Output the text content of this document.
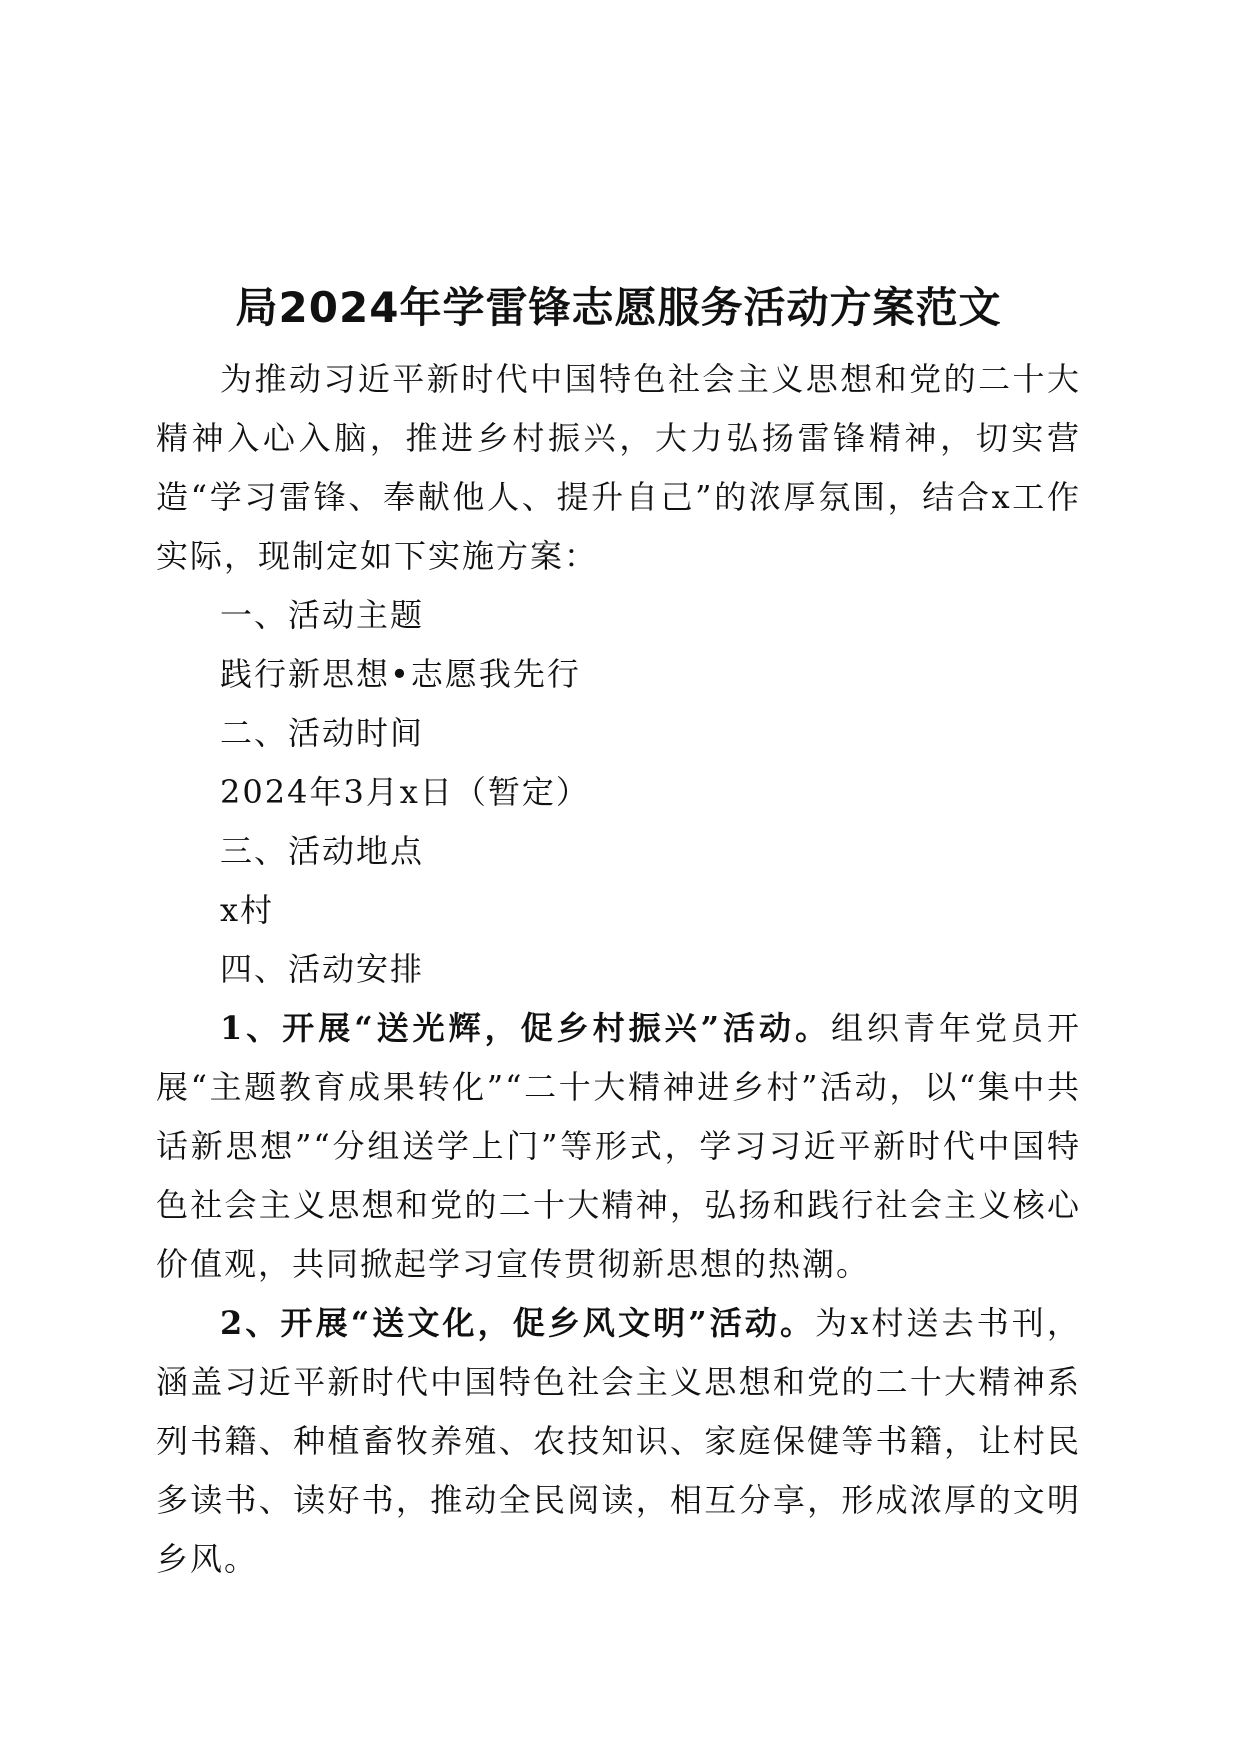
局2024年学雷锋志愿服务活动方案范文

为推动习近平新时代中国特色社会主义思想和党的二十大精神入心入脑，推进乡村振兴，大力弘扬雷锋精神，切实营造“学习雷锋、奉献他人、提升自己”的浓厚氛围，结合x工作实际，现制定如下实施方案：

一、活动主题

践行新思想•志愿我先行

二、活动时间

2024年3月x日（暂定）

三、活动地点

x村

四、活动安排

1、开展“送光辉，促乡村振兴”活动。组织青年党员开展“主题教育成果转化”“二十大精神进乡村”活动，以“集中共话新思想”“分组送学上门”等形式，学习习近平新时代中国特色社会主义思想和党的二十大精神，弘扬和践行社会主义核心价值观，共同掀起学习宣传贯彻新思想的热潮。

2、开展“送文化，促乡风文明”活动。为x村送去书刊，涵盖习近平新时代中国特色社会主义思想和党的二十大精神系列书籍、种植畜牧养殖、农技知识、家庭保健等书籍，让村民多读书、读好书，推动全民阅读，相互分享，形成浓厚的文明乡风。
